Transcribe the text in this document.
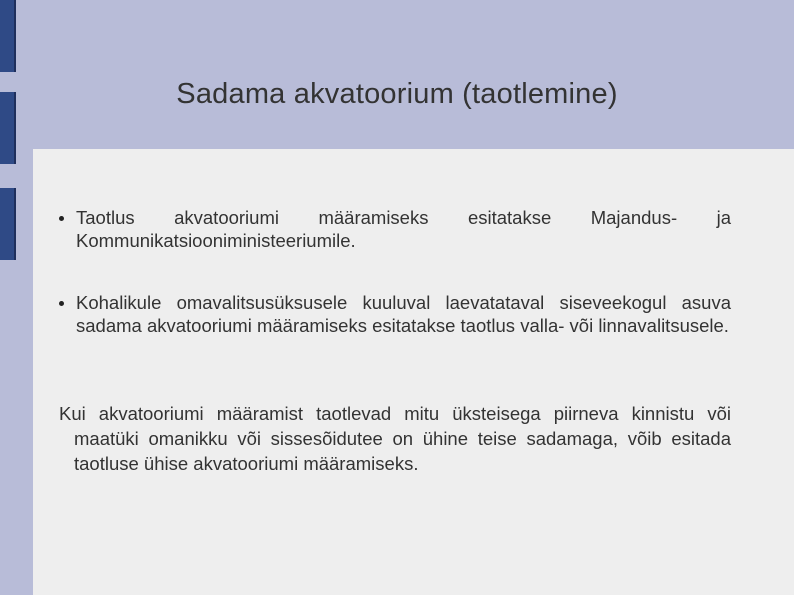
Sadama akvatoorium (taotlemine)
Taotlus akvatooriumi määramiseks esitatakse Majandus- ja Kommunikatsiooniministeeriumile.
Kohalikule omavalitsusüksusele kuuluval laevatataval siseveekogul asuva sadama akvatooriumi määramiseks esitatakse taotlus valla- või linnavalitsusele.
Kui akvatooriumi määramist taotlevad mitu üksteisega piirneva kinnistu või maatüki omanikku või sissesõidutee on ühine teise sadamaga, võib esitada taotluse ühise akvatooriumi määramiseks.
